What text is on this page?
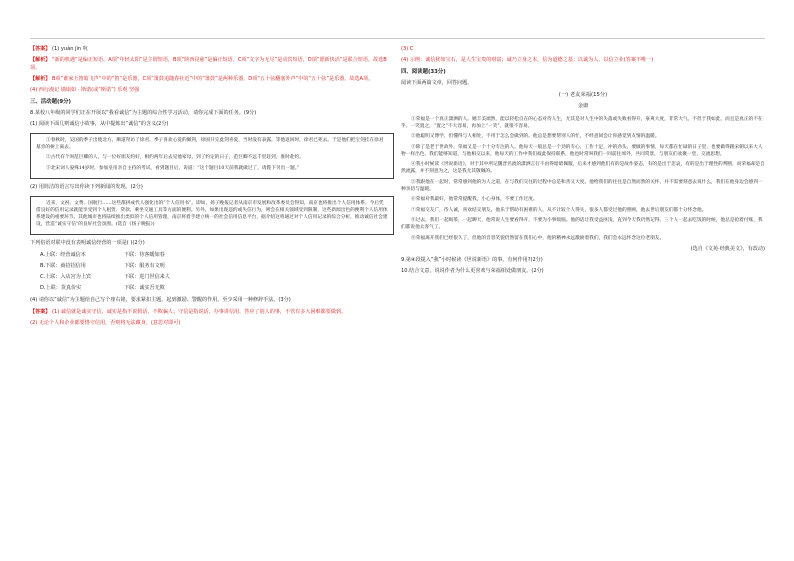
【答案】 (1) yuàn jìn 吭
【解析】 “新的机遇”是偏正短语。A项“年轻太阳”是主谓短语，B项“陕西昆慈”是偏正短语，C项“文字为无尽”是动宾短语，D项“愿新快活”是联合短语。故选B项。
【解析】 B项“谁家玉笛暗飞声”中的“笛”是乐器，C项“箫鼓追随春社近”中的“箫鼓”是两种乐器，D项“五十弦翻塞外声”中的“五十弦”是乐器。故选A项。
(4) 西行漫记 墙塌如 · 斯诺(或“斯诺”) 乐观 坚强
三、活动题(9分)
8.某校八年级的同学们正在开展以“我看诚信”为主题的综合性学习活动，请你完成下面的任务。(9分)
(1) 阅读下面几则诚信小故事，从中提炼出“诚信”的含义(2分)
①春秋时，吴国的季子出使北方，顺道拜访了徐君。季子喜欢心爱的佩剑，徐国开完此剑喜爱，当时没有表露。等他返回时，徐君已死去。于是他们把宝剑挂在徐君墓旁的树上离去。
②古代有个叫范巨卿的人，与一位好朋友约好，相约两年后去见他家母。到了约定的日子，范巨卿不远千里赶到，准时赴约。
③北宋词人晏殊14岁时，参加皇帝亲自主持的考试，看到题目后，说道：“这个题目10天前我就做过了，请陛下另出一题。”
(2) 用简洁的语言写出你读下列新闻的发现。(2分)
近来，文祝、文费、国航行……这些都拼成代人强化出的“个人信用书”。即如，扬子晚报记者从南京市发展和改革委员会得知，南京也将推出个人信用体系。今后凭借良好的信用记录就能享受到个人租赁、贷款、乘坐交通工具等方面的便利。另外，如果出现违约或失信行为，则会在相关领域受到限制，这些新闻出色的便利个人信用体系建设的重要环节。其他城市也将陆续推出类似的个人信用管理，南京将着手建立统一的社会信用信息平台，据介绍这将通过对个人信用记录的综合分析，推动诚信社会建设，营造“诚实守信”的良好社会氛围。(选自《扬子晚报》)
下列俗语对联中没有表明诚信经营的一项是( )(2分)
A.上联：经营诚信本	下联：待客暖如春
B.下联：商招招信用	下联：服务有文明
C.上联：入店宫为上宾	下联：进门世信来人
D.上联：货真价实	下联：诚实吾无欺
(4) 请你以“诚信”为主题给自己写个座右铭，要求紧扣主题，起到激励、警醒的作用，至少采用一种修辞手法。(3分)
【答案】 (1) 诚信就是诚实守信，诚实是指不说假话、不欺骗人；守信是指说话、办事讲信用，答应了别人的事，不管有多大困难都要做到。
(2) 无论个人和企业都要恪守信用，否则将无法藏身。(意思对即可)
(3) C
(4) 示例：诚信犹如宝石，是人生宝贵的财富；诚乃立身之本，信为道德之基；以诚为人，以信立业(答案不唯一)
四、阅读题(33分)
阅读下面两篇文章，回答问题。
(一) 老友荣福(15分)
金庸
①荣福是一个真正潇洒的人。她丰美端然，能以轻松自在的心态对待人生，尤其是对人生中的失落或失败看得开，豪爽大度，非常大气。不但于我如此，而且是真正的不在乎。一笑置之，“置之”不大容易，再加上“一笑”，就很不容易。
②他聪明又博学，但懂得与人相处，不用于怎么会做到的。他总是想要帮别人的忙，不经意间会让你感觉到友情的温暖。
③除了是老于世故外，荣福又是一个十分专注的人。他每天一般总是一个劲的专心，工作十足，冲的劲头，要做的事情，每天都在忙碌的日子里，也要做得跟宋朝以来大人物一样出色。我们能够知道，与他相交以来，他每天的工作中我们彼此保持联系，他也时常叫我们一同前往郊外，共同赏景，与朋友们欢聚一堂，交流思想。
④我小时候读《世说新语》，对于其中所记魏晋名流的潇洒言行不由得暗暗佩服，后来才感到他们有的是故作姿态，有的是出于悲哀，有的是出于理性的判断，而荣福却是自然流露，并不刻意为之，这是我尤其敬佩的。
⑤我跟他在一起时，常常感到他的为人之道，在与我们交往的过程中总是和善又大度。他给我们的往往是自然而然的关怀，并不需要刻意去说什么，我们在他身边会感到一种亲切与温暖。
⑥荣福对我最好，他常常提醒我，小心身体，不要工作过度。
⑦荣福交友广，待人诚，喜欢结交朋友，他乐于帮助有困难的人，从不计较个人得失，很多人都受过他的照顾，他去世后朋友们都十分怀念他。
⑧过去，我们一起喝茶，一起聊天，他常说人生要看得开，不要为小事烦恼。他的话让我受益匪浅，直到今天我仍然记得。三个人一起去吃饭的时候，他总是抢着付账，我们都说他太客气了。
⑨荣福离开我们已经很久了，但他的音容笑貌仍然留在我们心中，他的精神永远激励着我们，我们会永远怀念这位老朋友。
(选自《文苑·经典美文》，有改动)
9.第④段提入“我”小时候读《世说新语》的事，有何作用?(2分)
10.结合文意，说说作者为什么更喜欢与荣福相处做朋友。(2分)
